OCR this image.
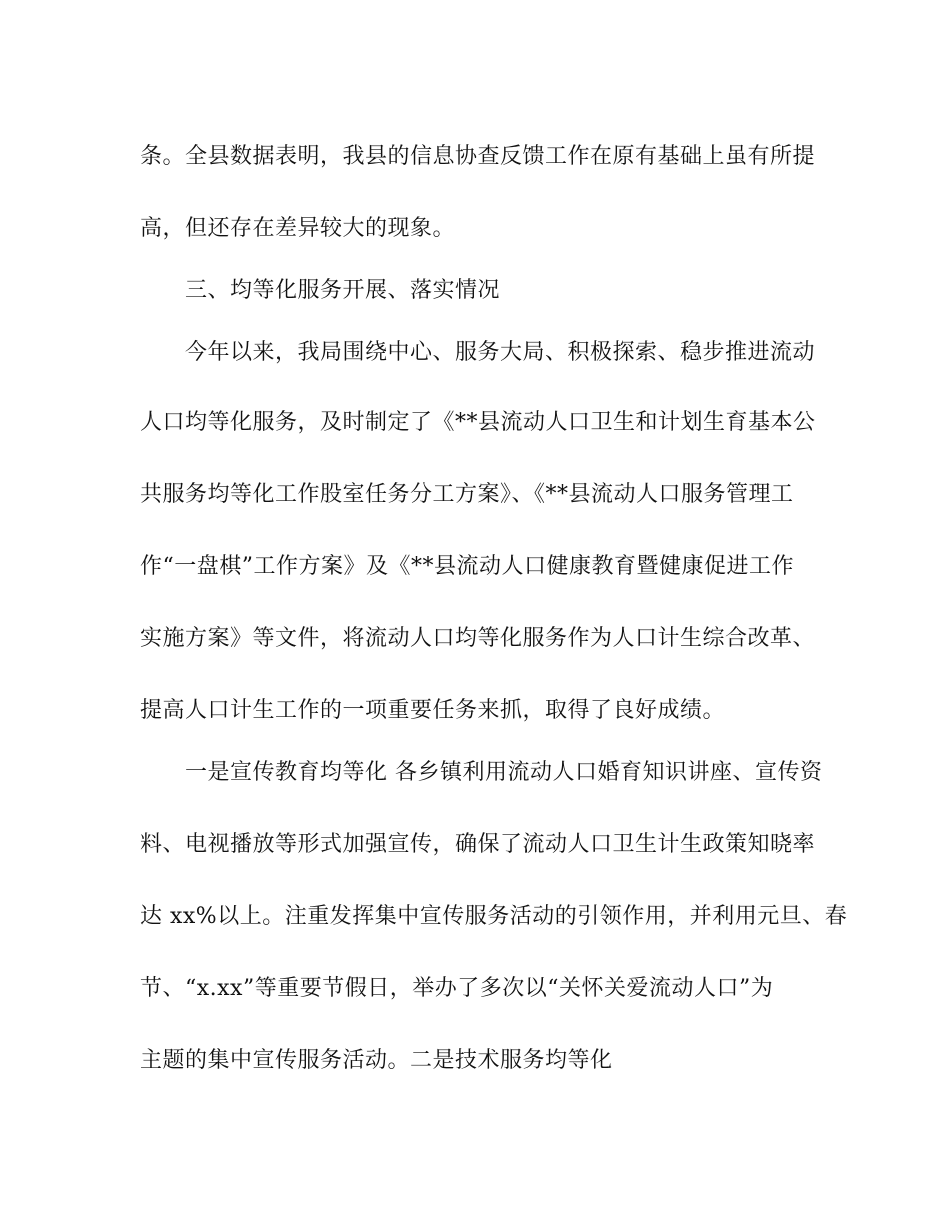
条。全县数据表明，我县的信息协查反馈工作在原有基础上虽有所提
高，但还存在差异较大的现象。
三、均等化服务开展、落实情况
今年以来，我局围绕中心、服务大局、积极探索、稳步推进流动
人口均等化服务，及时制定了《**县流动人口卫生和计划生育基本公
共服务均等化工作股室任务分工方案》、《**县流动人口服务管理工
作“一盘棋”工作方案》及《**县流动人口健康教育暨健康促进工作
实施方案》等文件，将流动人口均等化服务作为人口计生综合改革、
提高人口计生工作的一项重要任务来抓，取得了良好成绩。
一是宣传教育均等化 各乡镇利用流动人口婚育知识讲座、宣传资
料、电视播放等形式加强宣传，确保了流动人口卫生计生政策知晓率
达 xx%以上。注重发挥集中宣传服务活动的引领作用，并利用元旦、春
节、“x.xx”等重要节假日，举办了多次以“关怀关爱流动人口”为
主题的集中宣传服务活动。二是技术服务均等化
